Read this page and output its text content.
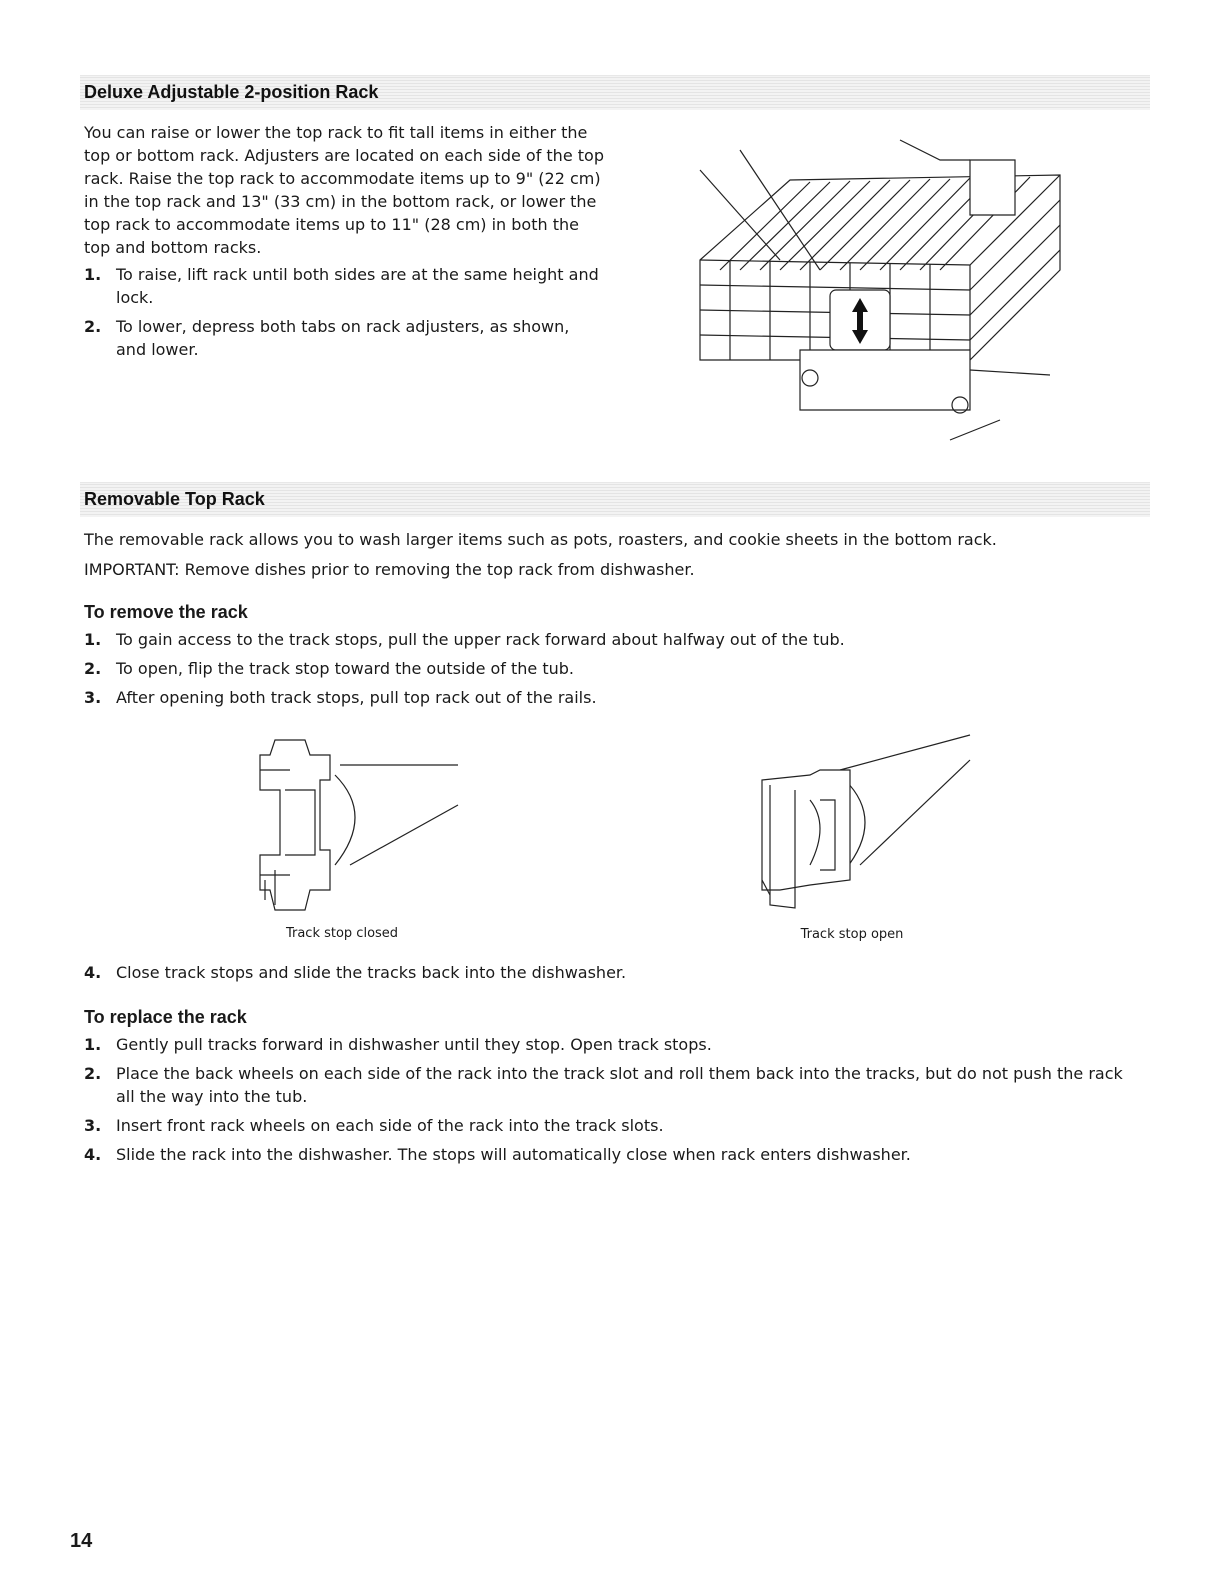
Deluxe Adjustable 2-position Rack

You can raise or lower the top rack to fit tall items in either the top or bottom rack. Adjusters are located on each side of the top rack. Raise the top rack to accommodate items up to 9" (22 cm) in the top rack and 13" (33 cm) in the bottom rack, or lower the top rack to accommodate items up to 11" (28 cm) in both the top and bottom racks.

1. To raise, lift rack until both sides are at the same height and lock.
2. To lower, depress both tabs on rack adjusters, as shown, and lower.
Removable Top Rack

The removable rack allows you to wash larger items such as pots, roasters, and cookie sheets in the bottom rack.

IMPORTANT: Remove dishes prior to removing the top rack from dishwasher.

To remove the rack
1. To gain access to the track stops, pull the upper rack forward about halfway out of the tub.
2. To open, flip the track stop toward the outside of the tub.
3. After opening both track stops, pull top rack out of the rails.
Track stop closed	Track stop open
4. Close track stops and slide the tracks back into the dishwasher.
To replace the rack
1. Gently pull tracks forward in dishwasher until they stop. Open track stops.
2. Place the back wheels on each side of the rack into the track slot and roll them back into the tracks, but do not push the rack all the way into the tub.
3. Insert front rack wheels on each side of the rack into the track slots.
4. Slide the rack into the dishwasher. The stops will automatically close when rack enters dishwasher.
14
